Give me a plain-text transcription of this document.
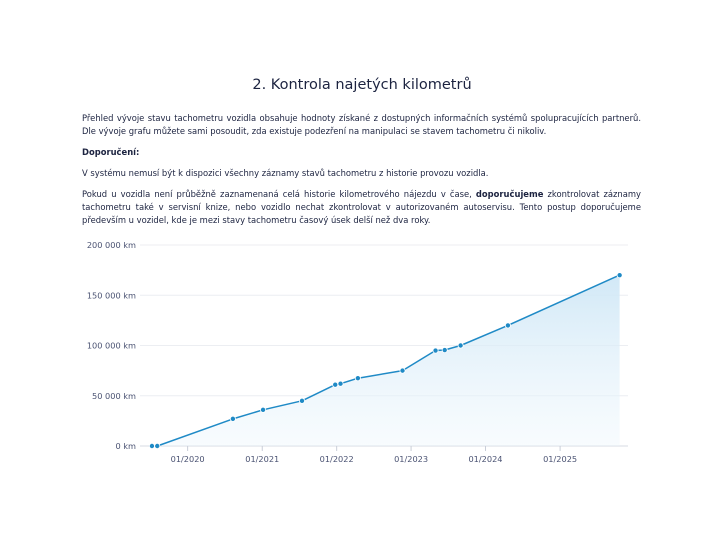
2. Kontrola najetých kilometrů

Přehled vývoje stavu tachometru vozidla obsahuje hodnoty získané z dostupných informačních systémů spolupracujících partnerů. Dle vývoje grafu můžete sami posoudit, zda existuje podezření na manipulaci se stavem tachometru či nikoliv.

Doporučení:

V systému nemusí být k dispozici všechny záznamy stavů tachometru z historie provozu vozidla.

Pokud u vozidla není průběžně zaznamenaná celá historie kilometrového nájezdu v čase, doporučujeme zkontrolovat záznamy tachometru také v servisní knize, nebo vozidlo nechat zkontrolovat v autorizovaném autoservisu. Tento postup doporučujeme především u vozidel, kde je mezi stavy tachometru časový úsek delší než dva roky.

0 km
50 000 km
100 000 km
150 000 km
200 000 km
01/2020	01/2021	01/2022	01/2023	01/2024	01/2025
